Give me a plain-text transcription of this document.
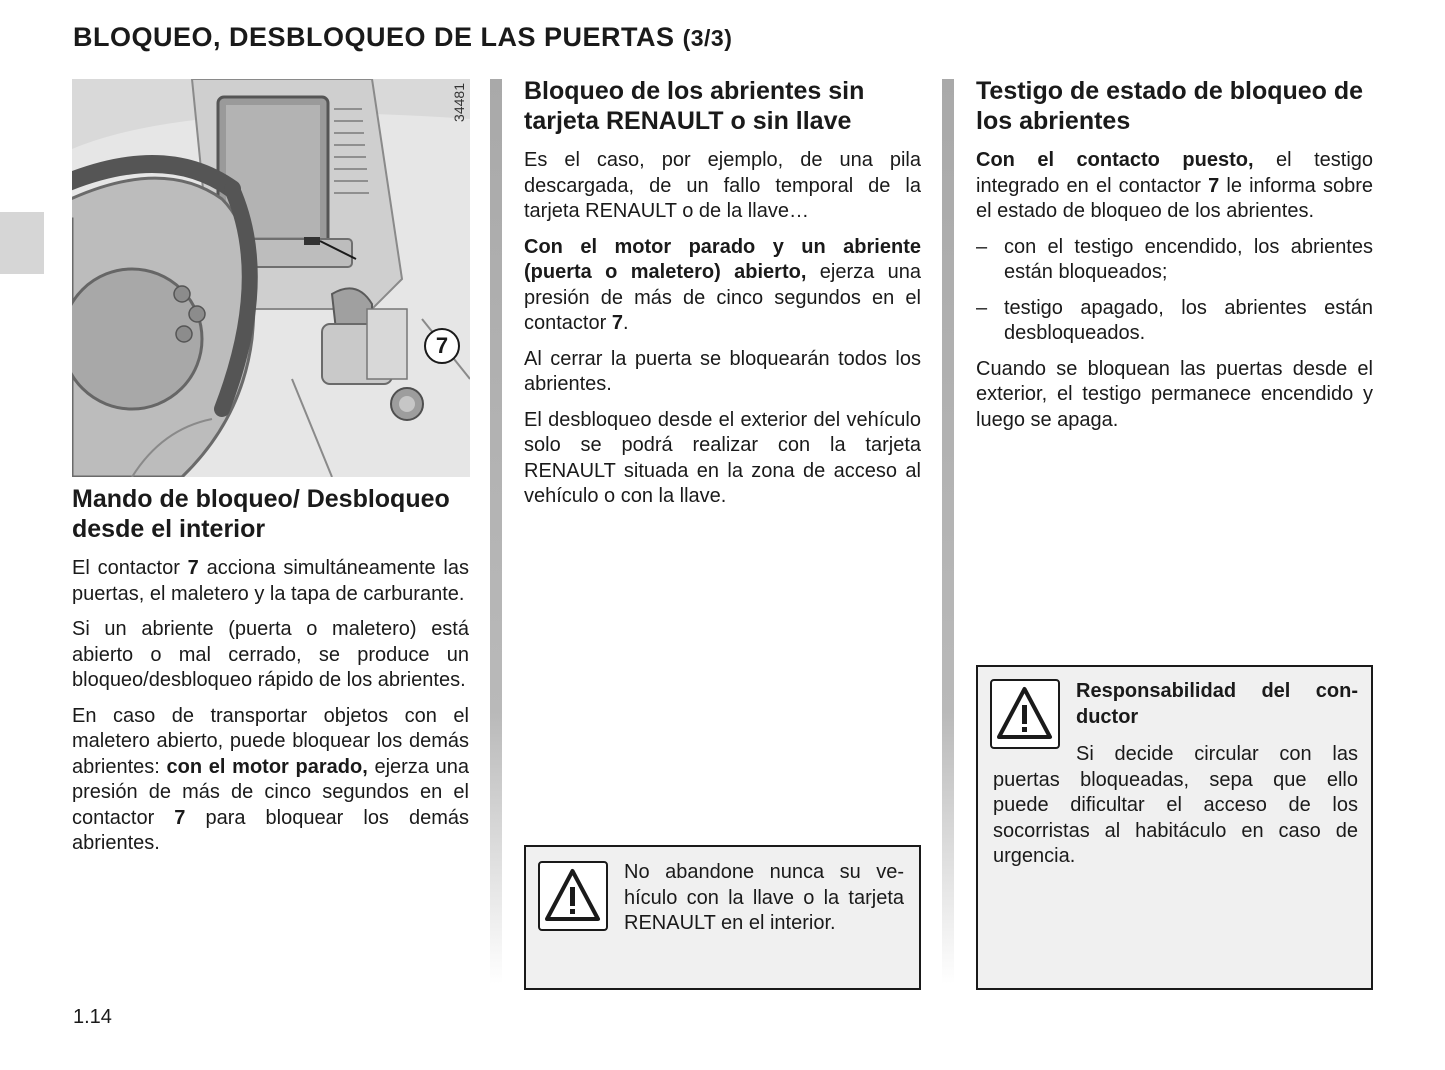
BLOQUEO, DESBLOQUEO DE LAS PUERTAS (3/3)
34481
7
Mando de bloqueo/ Desbloqueo desde el interior

El contactor 7 acciona simultáneamente las puertas, el maletero y la tapa de carburante.

Si un abriente (puerta o maletero) está abierto o mal cerrado, se produce un bloqueo/desbloqueo rápido de los abrientes.

En caso de transportar objetos con el maletero abierto, puede bloquear los demás abrientes: con el motor parado, ejerza una presión de más de cinco segundos en el contactor 7 para bloquear los demás abrientes.

Bloqueo de los abrientes sin tarjeta RENAULT o sin llave

Es el caso, por ejemplo, de una pila descargada, de un fallo temporal de la tarjeta RENAULT o de la llave…

Con el motor parado y un abriente (puerta o maletero) abierto, ejerza una presión de más de cinco segundos en el contactor 7.

Al cerrar la puerta se bloquearán todos los abrientes.

El desbloqueo desde el exterior del vehículo solo se podrá realizar con la tarjeta RENAULT situada en la zona de acceso al vehículo o con la llave.

No abandone nunca su vehículo con la llave o la tarjeta RENAULT en el interior.

Testigo de estado de bloqueo de los abrientes

Con el contacto puesto, el testigo integrado en el contactor 7 le informa sobre el estado de bloqueo de los abrientes.

– con el testigo encendido, los abrientes están bloqueados;
– testigo apagado, los abrientes están desbloqueados.

Cuando se bloquean las puertas desde el exterior, el testigo permanece encendido y luego se apaga.

Responsabilidad del conductor

Si decide circular con las puertas bloqueadas, sepa que ello puede dificultar el acceso de los socorristas al habitáculo en caso de urgencia.

1.14
